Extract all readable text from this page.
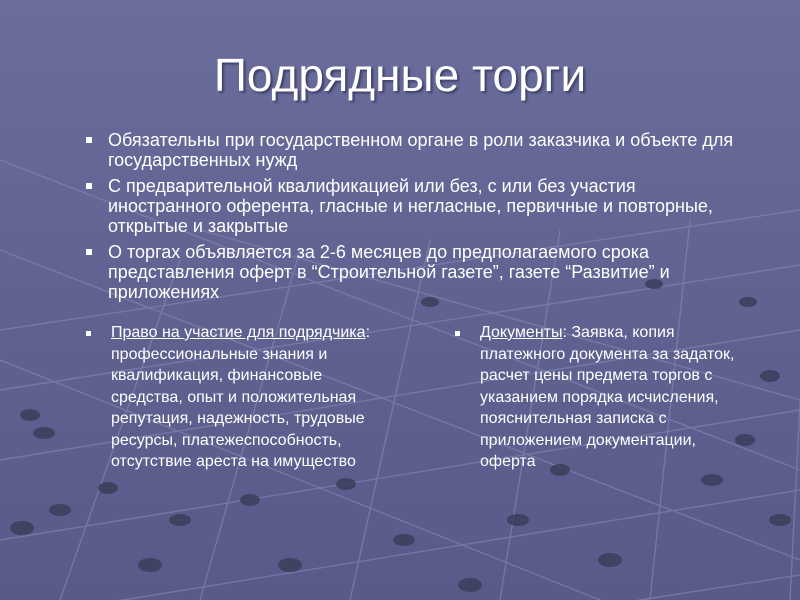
Подрядные торги
Обязательны при государственном органе в роли заказчика и объекте для государственных нужд
С предварительной квалификацией или без, с или без участия иностранного оферента, гласные и негласные, первичные и повторные, открытые и закрытые
О торгах объявляется за 2-6 месяцев до предполагаемого срока представления оферт в “Строительной газете”, газете “Развитие” и приложениях
Право на участие для подрядчика: профессиональные знания и квалификация, финансовые средства, опыт и положительная репутация, надежность, трудовые ресурсы, платежеспособность, отсутствие ареста на имущество
Документы: Заявка, копия платежного документа за задаток, расчет цены предмета торгов с указанием порядка исчисления, пояснительная записка с приложением документации, оферта
